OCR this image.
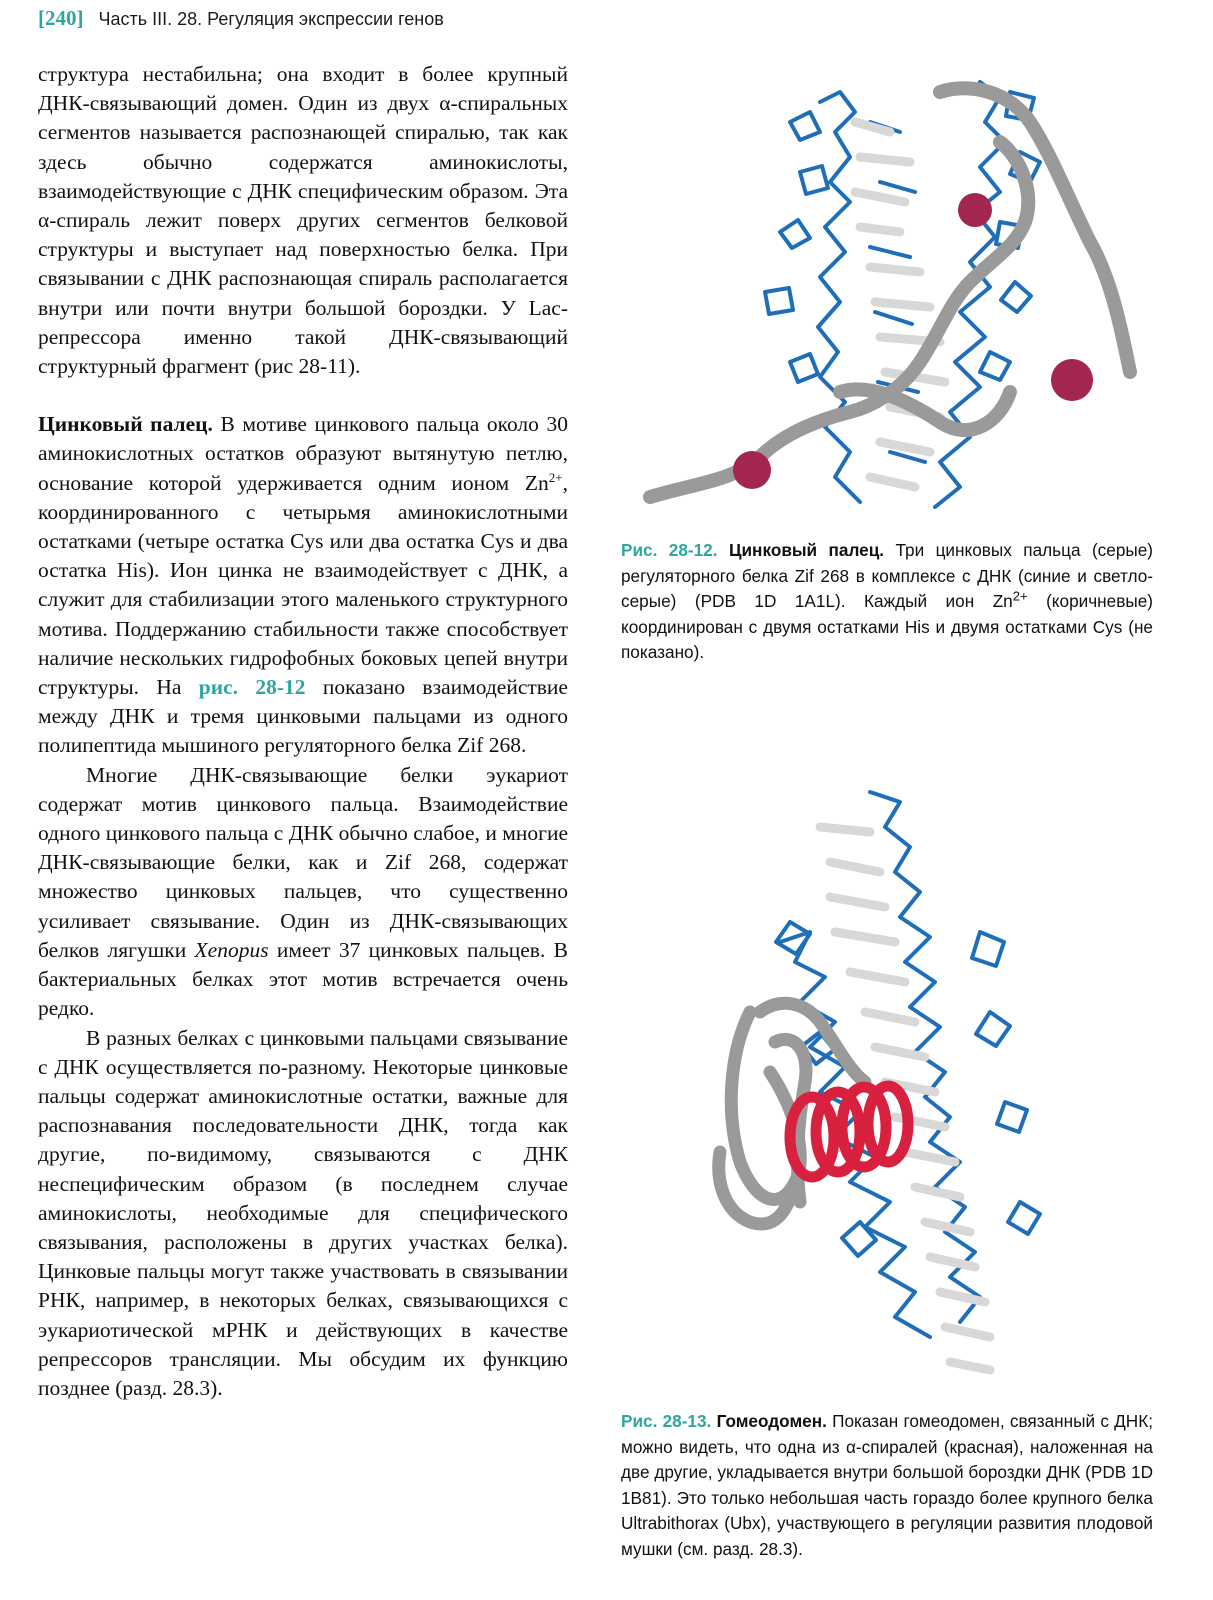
[240] Часть III. 28. Регуляция экспрессии генов

структура нестабильна; она входит в более крупный ДНК-связывающий домен. Один из двух α-спиральных сегментов называется распознающей спиралью, так как здесь обычно содержатся аминокислоты, взаимодействующие с ДНК специфическим образом. Эта α-спираль лежит поверх других сегментов белковой структуры и выступает над поверхностью белка. При связывании с ДНК распознающая спираль располагается внутри или почти внутри большой бороздки. У Lac-репрессора именно такой ДНК-связывающий структурный фрагмент (рис 28-11).

Цинковый палец. В мотиве цинкового пальца около 30 аминокислотных остатков образуют вытянутую петлю, основание которой удерживается одним ионом $Zn^{2+}$, координированного с четырьмя аминокислотными остатками (четыре остатка Cys или два остатка Cys и два остатка His). Ион цинка не взаимодействует с ДНК, а служит для стабилизации этого маленького структурного мотива. Поддержанию стабильности также способствует наличие нескольких гидрофобных боковых цепей внутри структуры. На рис. 28-12 показано взаимодействие между ДНК и тремя цинковыми пальцами из одного полипептида мышиного регуляторного белка Zif 268.

Многие ДНК-связывающие белки эукариот содержат мотив цинкового пальца. Взаимодействие одного цинкового пальца с ДНК обычно слабое, и многие ДНК-связывающие белки, как и Zif 268, содержат множество цинковых пальцев, что существенно усиливает связывание. Один из ДНК-связывающих белков лягушки Xenopus имеет 37 цинковых пальцев. В бактериальных белках этот мотив встречается очень редко.

В разных белках с цинковыми пальцами связывание с ДНК осуществляется по-разному. Некоторые цинковые пальцы содержат аминокислотные остатки, важные для распознавания последовательности ДНК, тогда как другие, по-видимому, связываются с ДНК неспецифическим образом (в последнем случае аминокислоты, необходимые для специфического связывания, расположены в других участках белка). Цинковые пальцы могут также участвовать в связывании РНК, например, в некоторых белках, связывающихся с эукариотической мРНК и действующих в качестве репрессоров трансляции. Мы обсудим их функцию позднее (разд. 28.3).

Рис. 28-12. Цинковый палец. Три цинковых пальца (серые) регуляторного белка Zif 268 в комплексе с ДНК (синие и светло-серые) (PDB 1D 1A1L). Каждый ион $Zn^{2+}$ (коричневые) координирован с двумя остатками His и двумя остатками Cys (не показано).
Рис. 28-13. Гомеодомен. Показан гомеодомен, связанный с ДНК; можно видеть, что одна из α-спиралей (красная), наложенная на две другие, укладывается внутри большой бороздки ДНК (PDB 1D 1B81). Это только небольшая часть гораздо более крупного белка Ultrabithorax (Ubx), участвующего в регуляции развития плодовой мушки (см. разд. 28.3).
